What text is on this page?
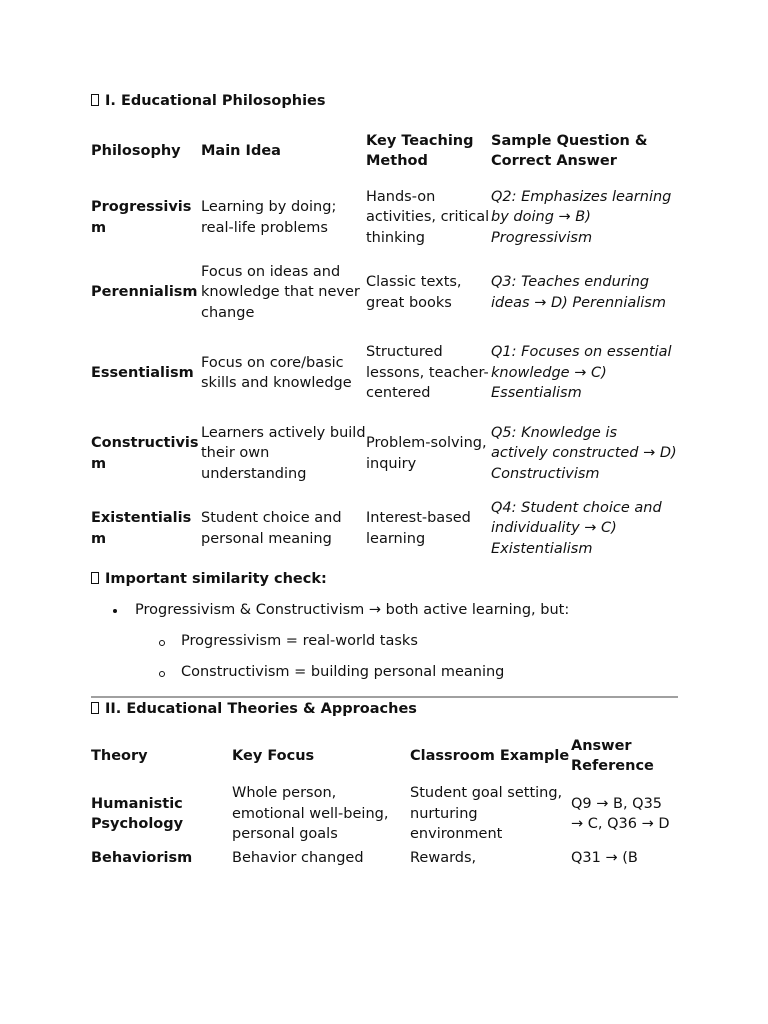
I. Educational Philosophies
Philosophy	Main Idea	Key Teaching Method	Sample Question & Correct Answer
Progressivism	Learning by doing; real-life problems	Hands-on activities, critical thinking	Q2: Emphasizes learning by doing → B) Progressivism
Perennialism	Focus on ideas and knowledge that never change	Classic texts, great books	Q3: Teaches enduring ideas → D) Perennialism
Essentialism	Focus on core/basic skills and knowledge	Structured lessons, teacher-centered	Q1: Focuses on essential knowledge → C) Essentialism
Constructivism	Learners actively build their own understanding	Problem-solving, inquiry	Q5: Knowledge is actively constructed → D) Constructivism
Existentialism	Student choice and personal meaning	Interest-based learning	Q4: Student choice and individuality → C) Existentialism
Important similarity check:
Progressivism & Constructivism → both active learning, but:
Progressivism = real-world tasks
Constructivism = building personal meaning
II. Educational Theories & Approaches
Theory	Key Focus	Classroom Example	Answer Reference
Humanistic Psychology	Whole person, emotional well-being, personal goals	Student goal setting, nurturing environment	Q9 → B, Q35 → C, Q36 → D
Behaviorism	Behavior changed	Rewards,	Q31 → (B
